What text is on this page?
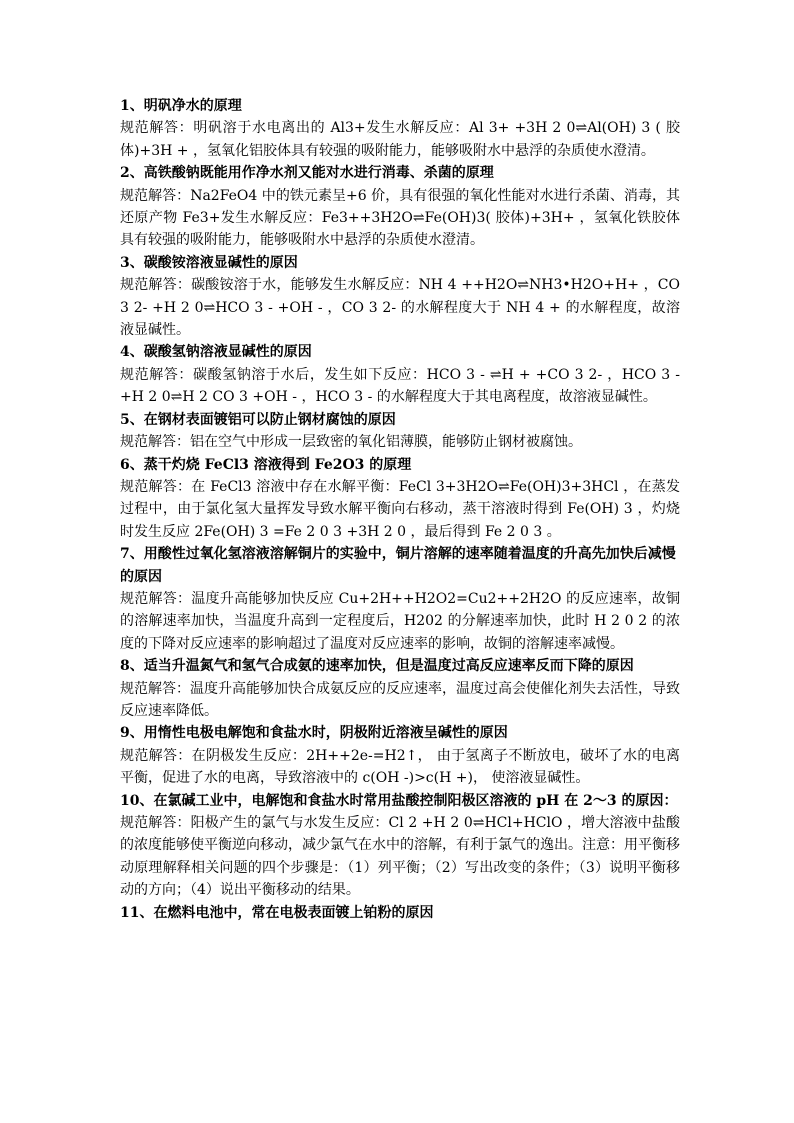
1、明矾净水的原理

规范解答：明矾溶于水电离出的 Al3+发生水解反应：Al 3+ +3H 2 0⇌Al(OH) 3 ( 胶体)+3H + ，氢氧化铝胶体具有较强的吸附能力，能够吸附水中悬浮的杂质使水澄清。

2、高铁酸钠既能用作净水剂又能对水进行消毒、杀菌的原理

规范解答：Na2FeO4 中的铁元素呈+6 价，具有很强的氧化性能对水进行杀菌、消毒，其还原产物 Fe3+发生水解反应：Fe3++3H2O⇌Fe(OH)3( 胶体)+3H+ ，氢氧化铁胶体具有较强的吸附能力，能够吸附水中悬浮的杂质使水澄清。

3、碳酸铵溶液显碱性的原因

规范解答：碳酸铵溶于水，能够发生水解反应：NH 4 ++H2O⇌NH3•H2O+H+ ，CO 3 2- +H 2 0⇌HCO 3 - +OH - ，CO 3 2- 的水解程度大于 NH 4 + 的水解程度，故溶液显碱性。

4、碳酸氢钠溶液显碱性的原因

规范解答：碳酸氢钠溶于水后，发生如下反应：HCO 3 - ⇌H + +CO 3 2- ，HCO 3 - +H 2 0⇌H 2 CO 3 +OH - ，HCO 3 - 的水解程度大于其电离程度，故溶液显碱性。

5、在钢材表面镀铝可以防止钢材腐蚀的原因

规范解答：铝在空气中形成一层致密的氧化铝薄膜，能够防止钢材被腐蚀。

6、蒸干灼烧 FeCl3 溶液得到 Fe2O3 的原理

规范解答：在 FeCl3 溶液中存在水解平衡：FeCl 3+3H2O⇌Fe(OH)3+3HCl ，在蒸发过程中，由于氯化氢大量挥发导致水解平衡向右移动，蒸干溶液时得到 Fe(OH) 3 ，灼烧时发生反应 2Fe(OH) 3 =Fe 2 0 3 +3H 2 0 ，最后得到 Fe 2 0 3 。

7、用酸性过氧化氢溶液溶解铜片的实验中，铜片溶解的速率随着温度的升高先加快后减慢的原因

规范解答：温度升高能够加快反应 Cu+2H++H2O2=Cu2++2H2O 的反应速率，故铜的溶解速率加快，当温度升高到一定程度后，H202 的分解速率加快，此时 H 2 0 2 的浓度的下降对反应速率的影响超过了温度对反应速率的影响，故铜的溶解速率减慢。

8、适当升温氮气和氢气合成氨的速率加快，但是温度过高反应速率反而下降的原因

规范解答：温度升高能够加快合成氨反应的反应速率，温度过高会使催化剂失去活性，导致反应速率降低。

9、用惰性电极电解饱和食盐水时，阴极附近溶液呈碱性的原因

规范解答：在阴极发生反应：2H++2e-=H2↑， 由于氢离子不断放电，破坏了水的电离平衡，促进了水的电离，导致溶液中的 c(OH -)>c(H +)， 使溶液显碱性。

10、在氯碱工业中，电解饱和食盐水时常用盐酸控制阳极区溶液的 pH 在 2～3 的原因：

规范解答：阳极产生的氯气与水发生反应：Cl 2 +H 2 0⇌HCl+HClO ，增大溶液中盐酸的浓度能够使平衡逆向移动，减少氯气在水中的溶解，有利于氯气的逸出。注意：用平衡移动原理解释相关问题的四个步骤是：（1）列平衡；（2）写出改变的条件；（3）说明平衡移动的方向；（4）说出平衡移动的结果。

11、在燃料电池中，常在电极表面镀上铂粉的原因
